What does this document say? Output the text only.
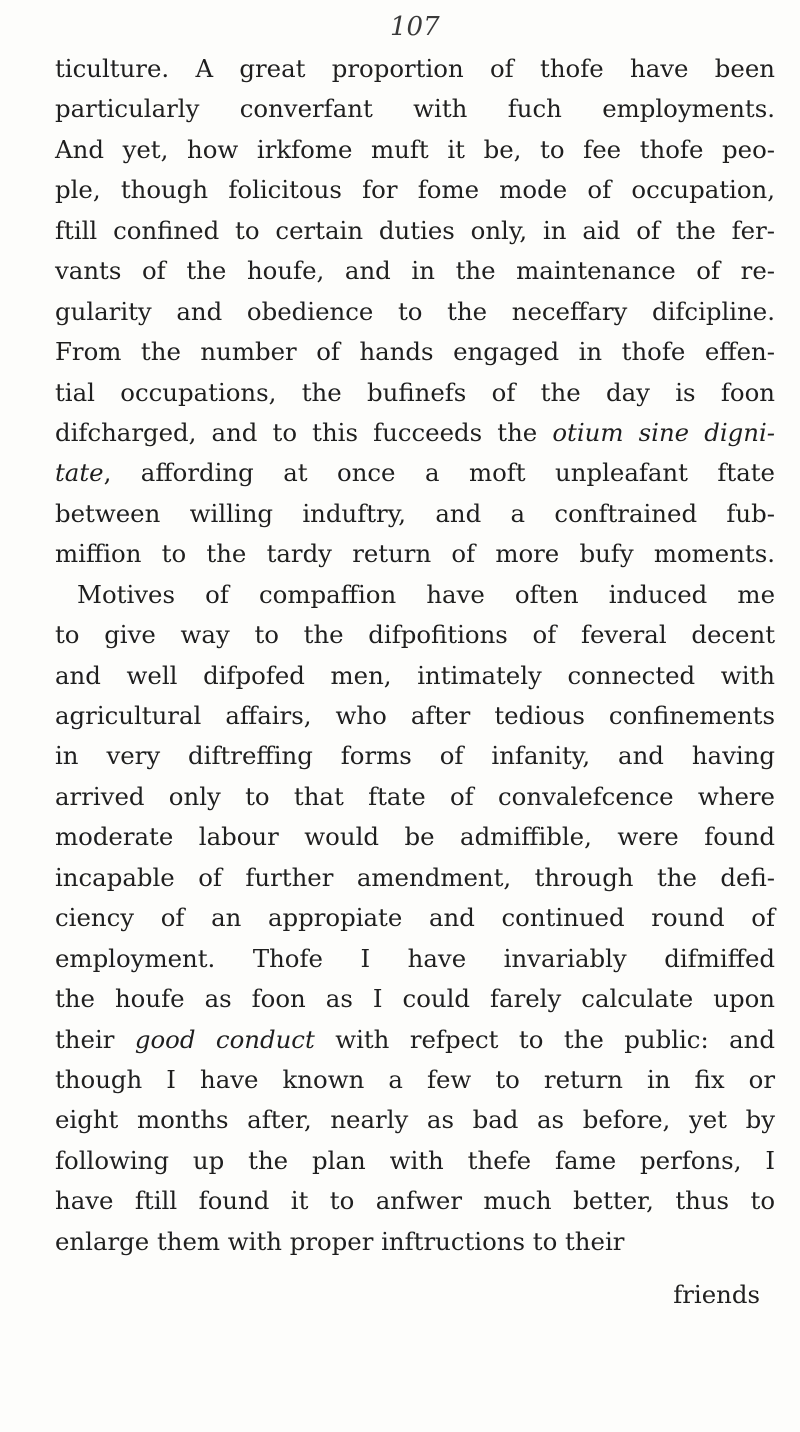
107
ticulture. A great proportion of thofe have been
particularly converfant with fuch employments.
And yet, how irkfome muft it be, to fee thofe peo-
ple, though folicitous for fome mode of occupation,
ftill confined to certain duties only, in aid of the fer-
vants of the houfe, and in the maintenance of re-
gularity and obedience to the neceffary difcipline.
From the number of hands engaged in thofe effen-
tial occupations, the bufinefs of the day is foon
difcharged, and to this fucceeds the otium sine digni-
tate, affording at once a moft unpleafant ftate
between willing induftry, and a conftrained fub-
miffion to the tardy return of more bufy moments.
Motives of compaffion have often induced me
to give way to the difpofitions of feveral decent
and well difpofed men, intimately connected with
agricultural affairs, who after tedious confinements
in very diftreffing forms of infanity, and having
arrived only to that ftate of convalefcence where
moderate labour would be admiffible, were found
incapable of further amendment, through the defi-
ciency of an appropiate and continued round of
employment. Thofe I have invariably difmiffed
the houfe as foon as I could farely calculate upon
their good conduct with refpect to the public: and
though I have known a few to return in fix or
eight months after, nearly as bad as before, yet by
following up the plan with thefe fame perfons, I
have ftill found it to anfwer much better, thus to
enlarge them with proper inftructions to their
friends
